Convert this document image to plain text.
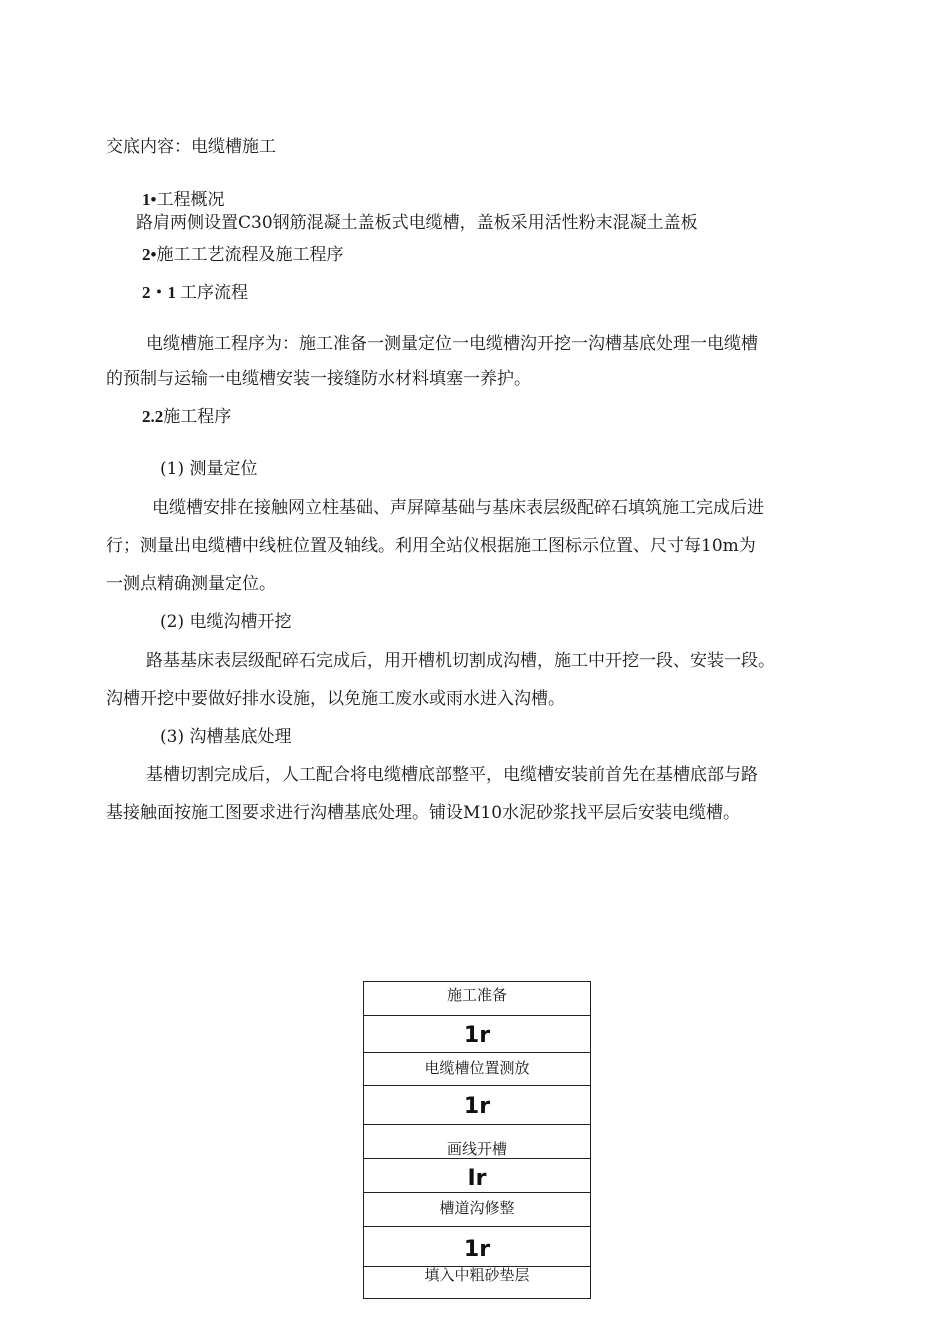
交底内容：电缆槽施工
1•工程概况
路肩两侧设置C30钢筋混凝土盖板式电缆槽，盖板采用活性粉末混凝土盖板
2•施工工艺流程及施工程序
2・1 工序流程
电缆槽施工程序为：施工准备一测量定位一电缆槽沟开挖一沟槽基底处理一电缆槽
的预制与运输一电缆槽安装一接缝防水材料填塞一养护。
2.2施工程序
(1) 测量定位
电缆槽安排在接触网立柱基础、声屏障基础与基床表层级配碎石填筑施工完成后进
行；测量出电缆槽中线桩位置及轴线。利用全站仪根据施工图标示位置、尺寸每10m为
一测点精确测量定位。
(2) 电缆沟槽开挖
路基基床表层级配碎石完成后，用开槽机切割成沟槽，施工中开挖一段、安装一段。
沟槽开挖中要做好排水设施，以免施工废水或雨水进入沟槽。
(3) 沟槽基底处理
基槽切割完成后，人工配合将电缆槽底部整平，电缆槽安装前首先在基槽底部与路
基接触面按施工图要求进行沟槽基底处理。铺设M10水泥砂浆找平层后安装电缆槽。
施工准备
1r
电缆槽位置测放
1r
画线开槽
Ir
槽道沟修整
1r
填入中粗砂垫层
